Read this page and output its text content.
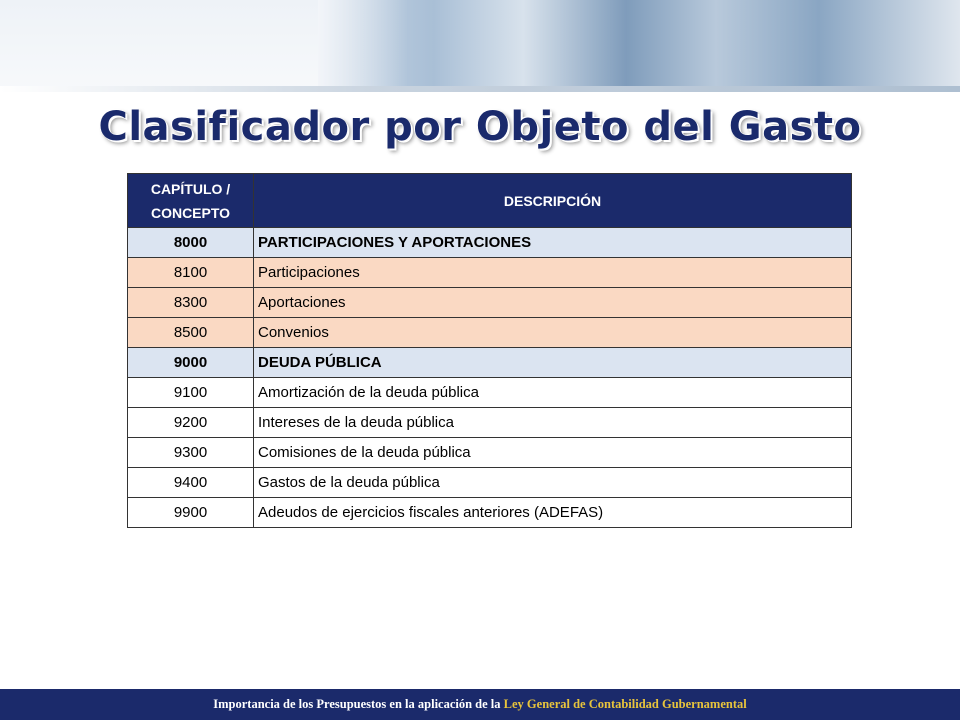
Clasificador por Objeto del Gasto
CAPÍTULO / CONCEPTO	DESCRIPCIÓN
8000	PARTICIPACIONES Y APORTACIONES
8100	Participaciones
8300	Aportaciones
8500	Convenios
9000	DEUDA PÚBLICA
9100	Amortización de la deuda pública
9200	Intereses de la deuda pública
9300	Comisiones de la deuda pública
9400	Gastos de la deuda pública
9900	Adeudos de ejercicios fiscales anteriores (ADEFAS)
Importancia de los Presupuestos en la aplicación de la Ley General de Contabilidad Gubernamental
